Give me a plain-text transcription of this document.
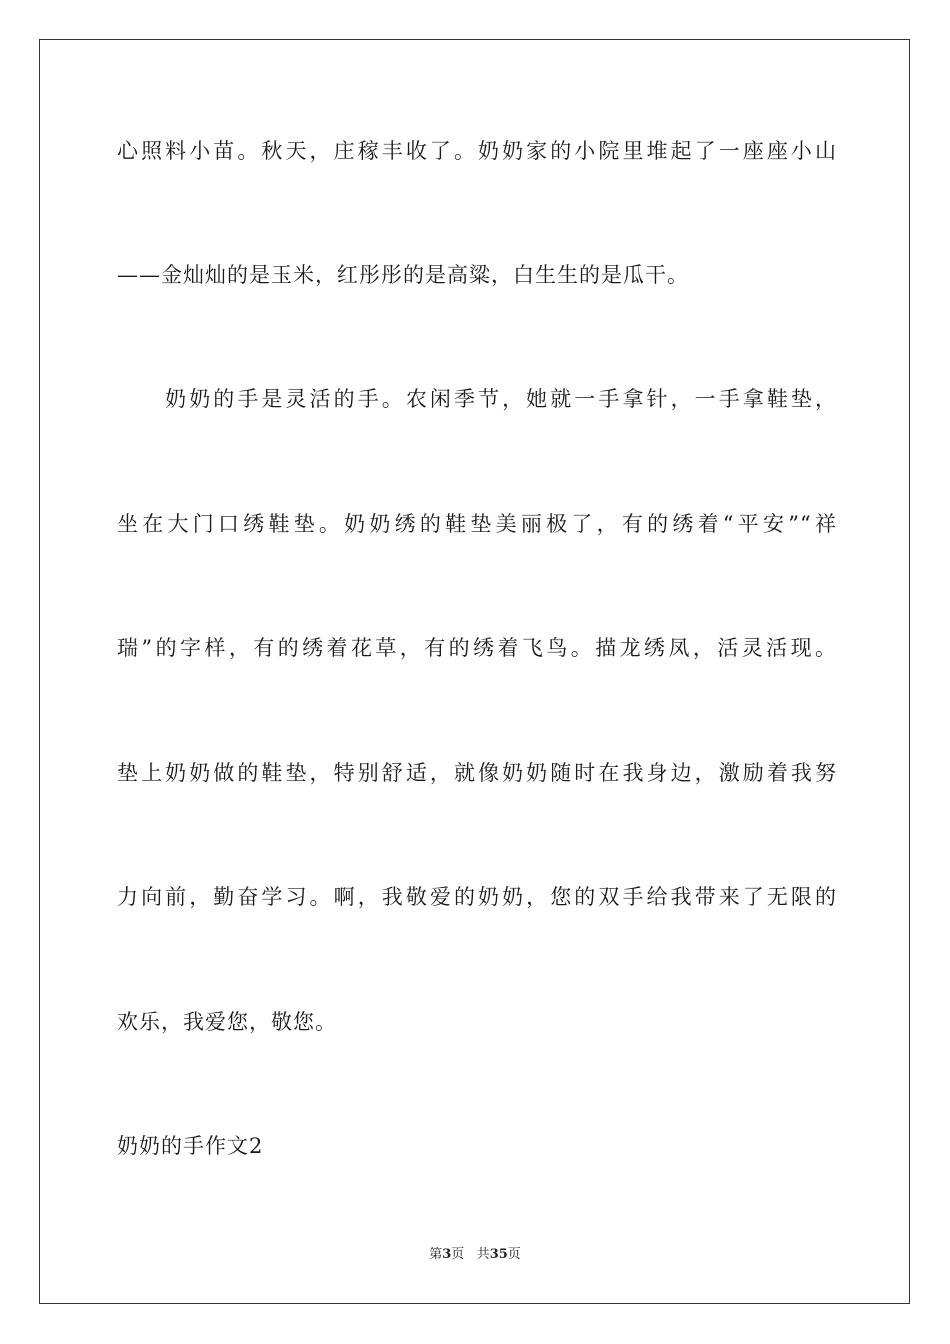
心照料小苗。秋天，庄稼丰收了。奶奶家的小院里堆起了一座座小山
——金灿灿的是玉米，红彤彤的是高粱，白生生的是瓜干。
　　奶奶的手是灵活的手。农闲季节，她就一手拿针，一手拿鞋垫，
坐在大门口绣鞋垫。奶奶绣的鞋垫美丽极了，有的绣着“平安”“祥
瑞”的字样，有的绣着花草，有的绣着飞鸟。描龙绣凤，活灵活现。
垫上奶奶做的鞋垫，特别舒适，就像奶奶随时在我身边，激励着我努
力向前，勤奋学习。啊，我敬爱的奶奶，您的双手给我带来了无限的
欢乐，我爱您，敬您。
奶奶的手作文2
第3页 共35页
